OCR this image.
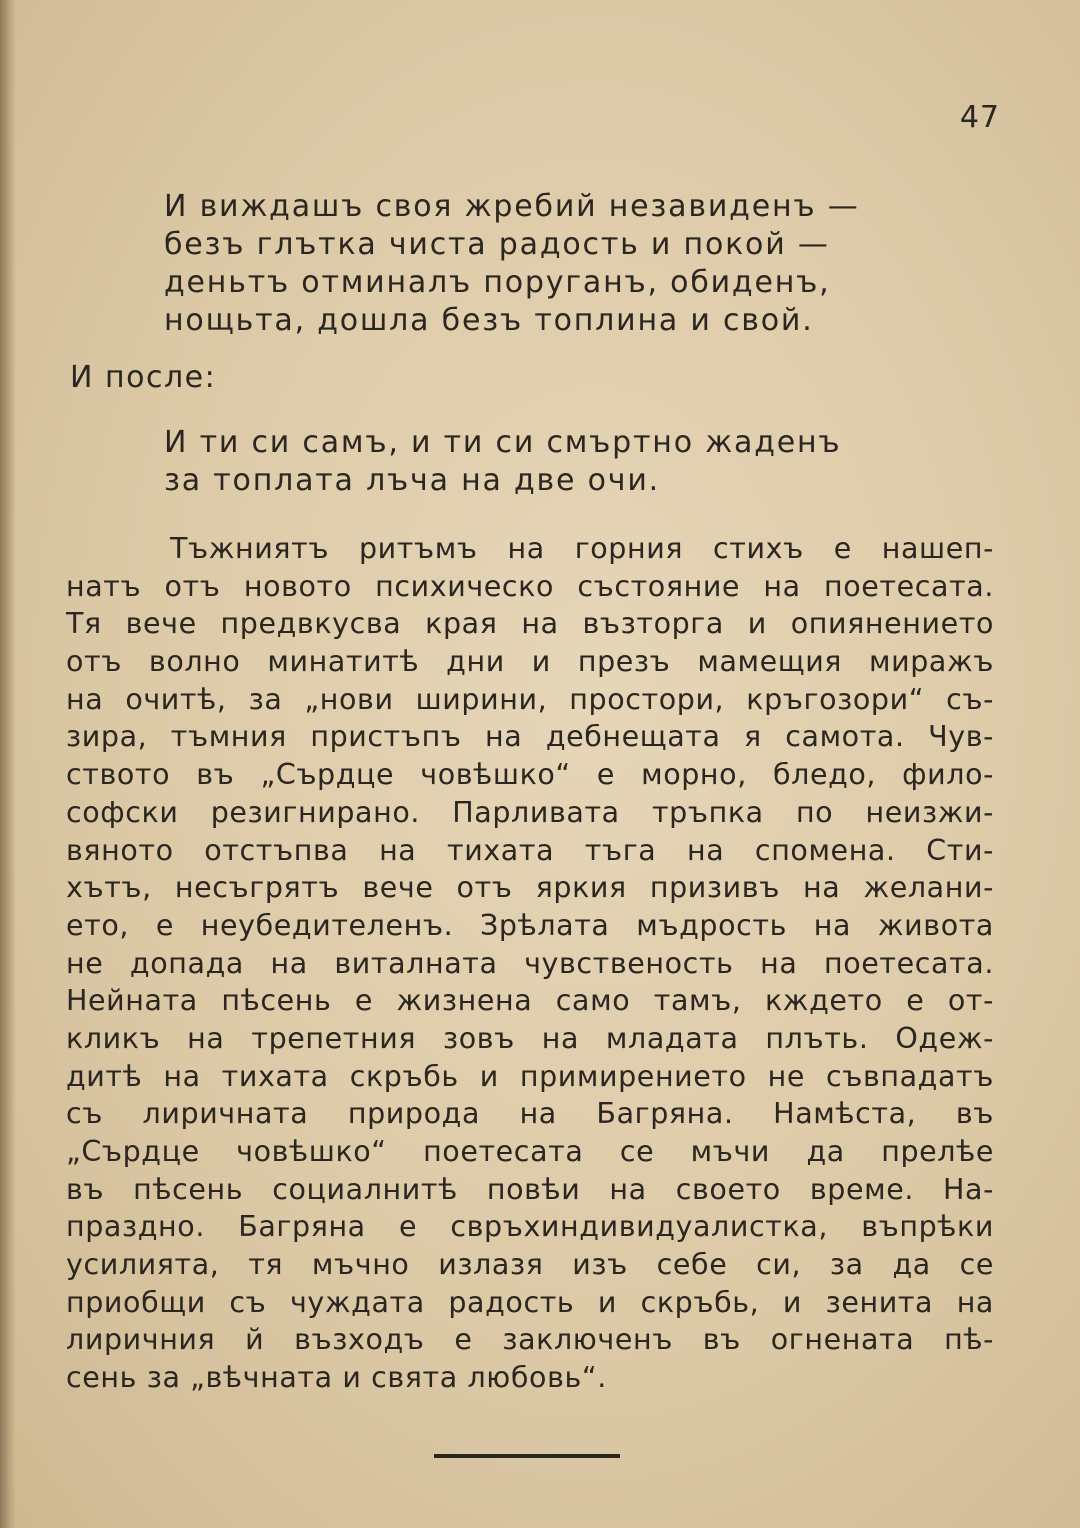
47
И виждашъ своя жребий незавиденъ —
безъ глътка чиста радость и покой —
деньтъ отминалъ поруганъ, обиденъ,
нощьта, дошла безъ топлина и свой.
И после:
И ти си самъ, и ти си смъртно жаденъ
за топлата лъча на две очи.
Тъжниятъ ритъмъ на горния стихъ е нашеп-
натъ отъ новото психическо състояние на поетесата.
Тя вече предвкусва края на възторга и опиянението
отъ волно минатитѣ дни и презъ мамещия миражъ
на очитѣ, за „нови ширини, простори, кръгозори“ съ-
зира, тъмния пристъпъ на дебнещата я самота. Чув-
ството въ „Сърдце човѣшко“ е морно, бледо, фило-
софски резигнирано. Парливата тръпка по неизжи-
вяното отстъпва на тихата тъга на спомена. Сти-
хътъ, несъгрятъ вече отъ яркия призивъ на желани-
ето, е неубедителенъ. Зрѣлата мъдрость на живота
не допада на виталната чувственость на поетесата.
Нейната пѣсень е жизнена само тамъ, кждето е от-
кликъ на трепетния зовъ на младата плъть. Одеж-
дитѣ на тихата скръбь и примирението не съвпадатъ
съ лиричната природа на Багряна. Намѣста, въ
„Сърдце човѣшко“ поетесата се мъчи да прелѣе
въ пѣсень социалнитѣ повѣи на своето време. На-
праздно. Багряна е свръхиндивидуалистка, въпрѣки
усилията, тя мъчно излазя изъ себе си, за да се
приобщи съ чуждата радость и скръбь, и зенита на
лиричния й възходъ е заключенъ въ огнената пѣ-
сень за „вѣчната и свята любовь“.
